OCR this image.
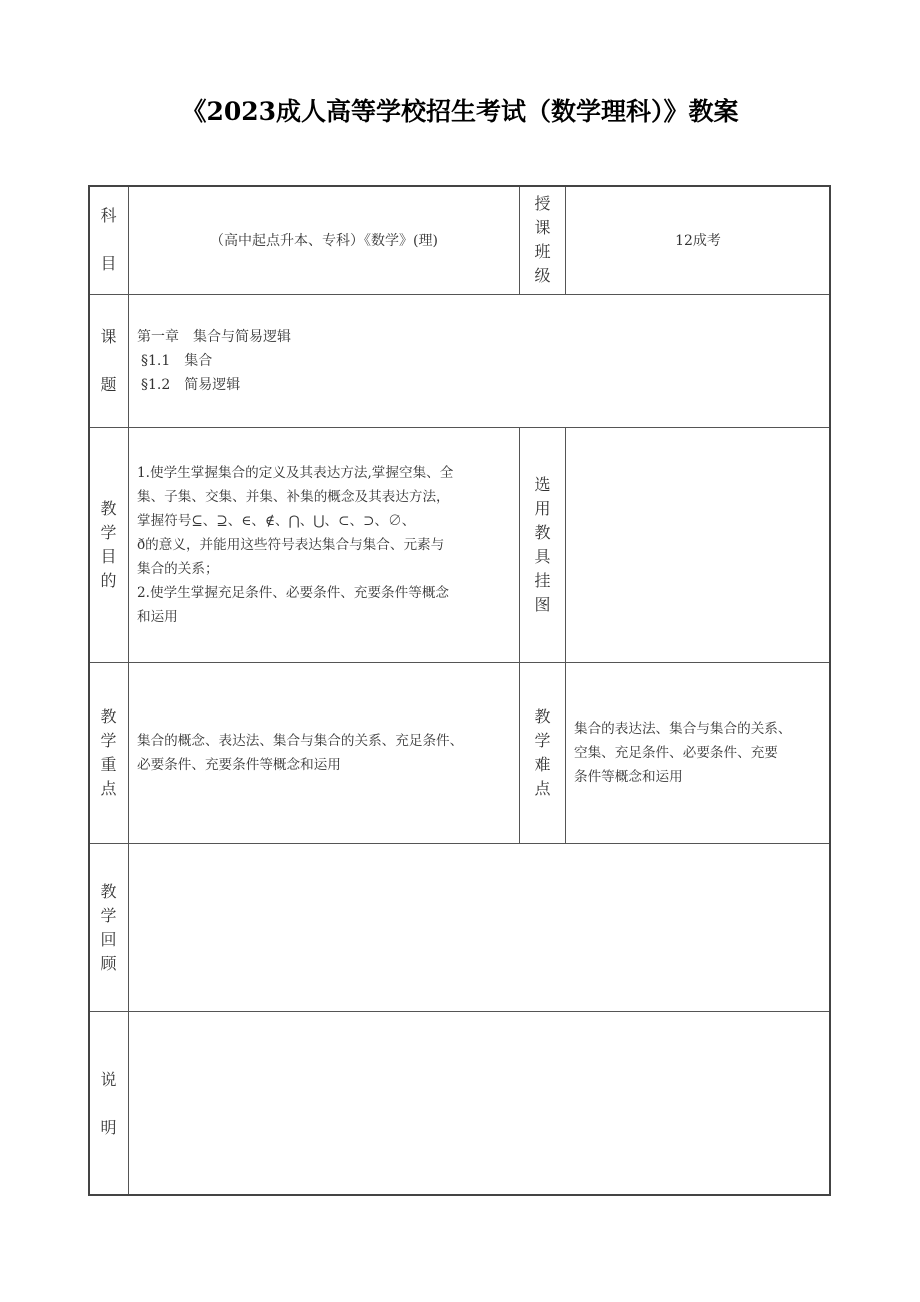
《2023成人高等学校招生考试（数学理科）》教案
科
目
（高中起点升本、专科）《数学》(理)
授
课
班
级
12成考
课
题
第一章　集合与简易逻辑
§1.1　集合
§1.2　简易逻辑
教
学
目
的
1.使学生掌握集合的定义及其表达方法,掌握空集、全
集、子集、交集、并集、补集的概念及其表达方法，
掌握符号⊆、⊇、∈、∉、⋂、⋃、⊂、⊃、∅、
ð的意义，并能用这些符号表达集合与集合、元素与
集合的关系；
2.使学生掌握充足条件、必要条件、充要条件等概念
和运用
选
用
教
具
挂
图
教
学
重
点
集合的概念、表达法、集合与集合的关系、充足条件、
必要条件、充要条件等概念和运用
教
学
难
点
集合的表达法、集合与集合的关系、
空集、充足条件、必要条件、充要
条件等概念和运用
教
学
回
顾
说
明
